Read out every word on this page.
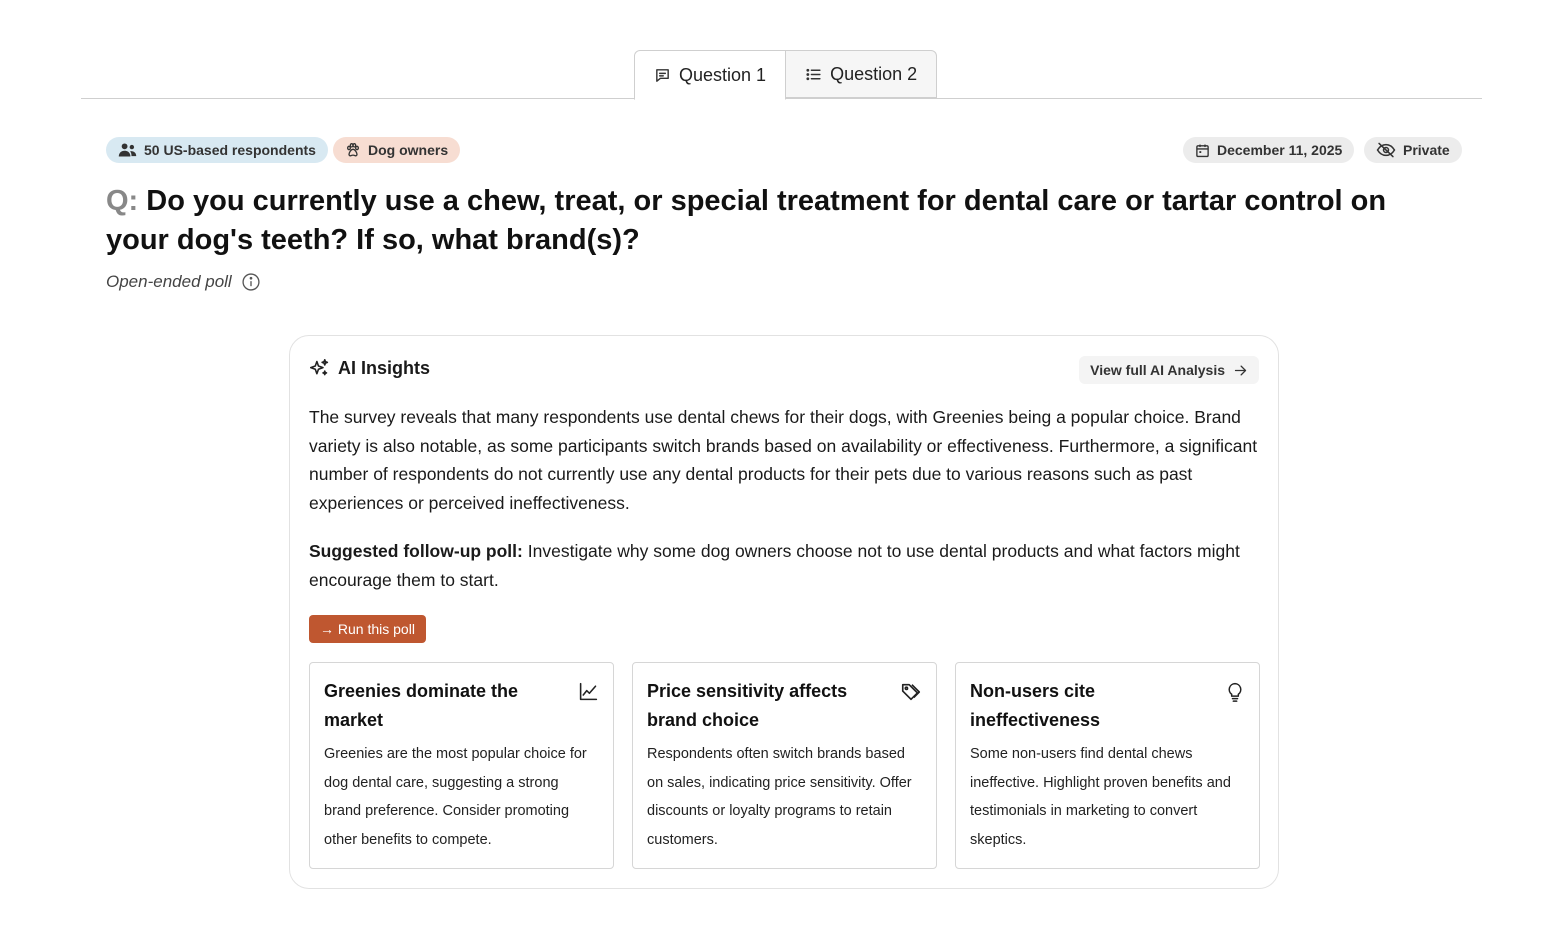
Question 1	Question 2
50 US-based respondents	Dog owners	December 11, 2025	Private
Q: Do you currently use a chew, treat, or special treatment for dental care or tartar control on your dog's teeth? If so, what brand(s)?
Open-ended poll
AI Insights	View full AI Analysis

The survey reveals that many respondents use dental chews for their dogs, with Greenies being a popular choice. Brand variety is also notable, as some participants switch brands based on availability or effectiveness. Furthermore, a significant number of respondents do not currently use any dental products for their pets due to various reasons such as past experiences or perceived ineffectiveness.

Suggested follow-up poll: Investigate why some dog owners choose not to use dental products and what factors might encourage them to start.

→ Run this poll

Greenies dominate the market

Greenies are the most popular choice for dog dental care, suggesting a strong brand preference. Consider promoting other benefits to compete.

Price sensitivity affects brand choice

Respondents often switch brands based on sales, indicating price sensitivity. Offer discounts or loyalty programs to retain customers.

Non-users cite ineffectiveness

Some non-users find dental chews ineffective. Highlight proven benefits and testimonials in marketing to convert skeptics.
